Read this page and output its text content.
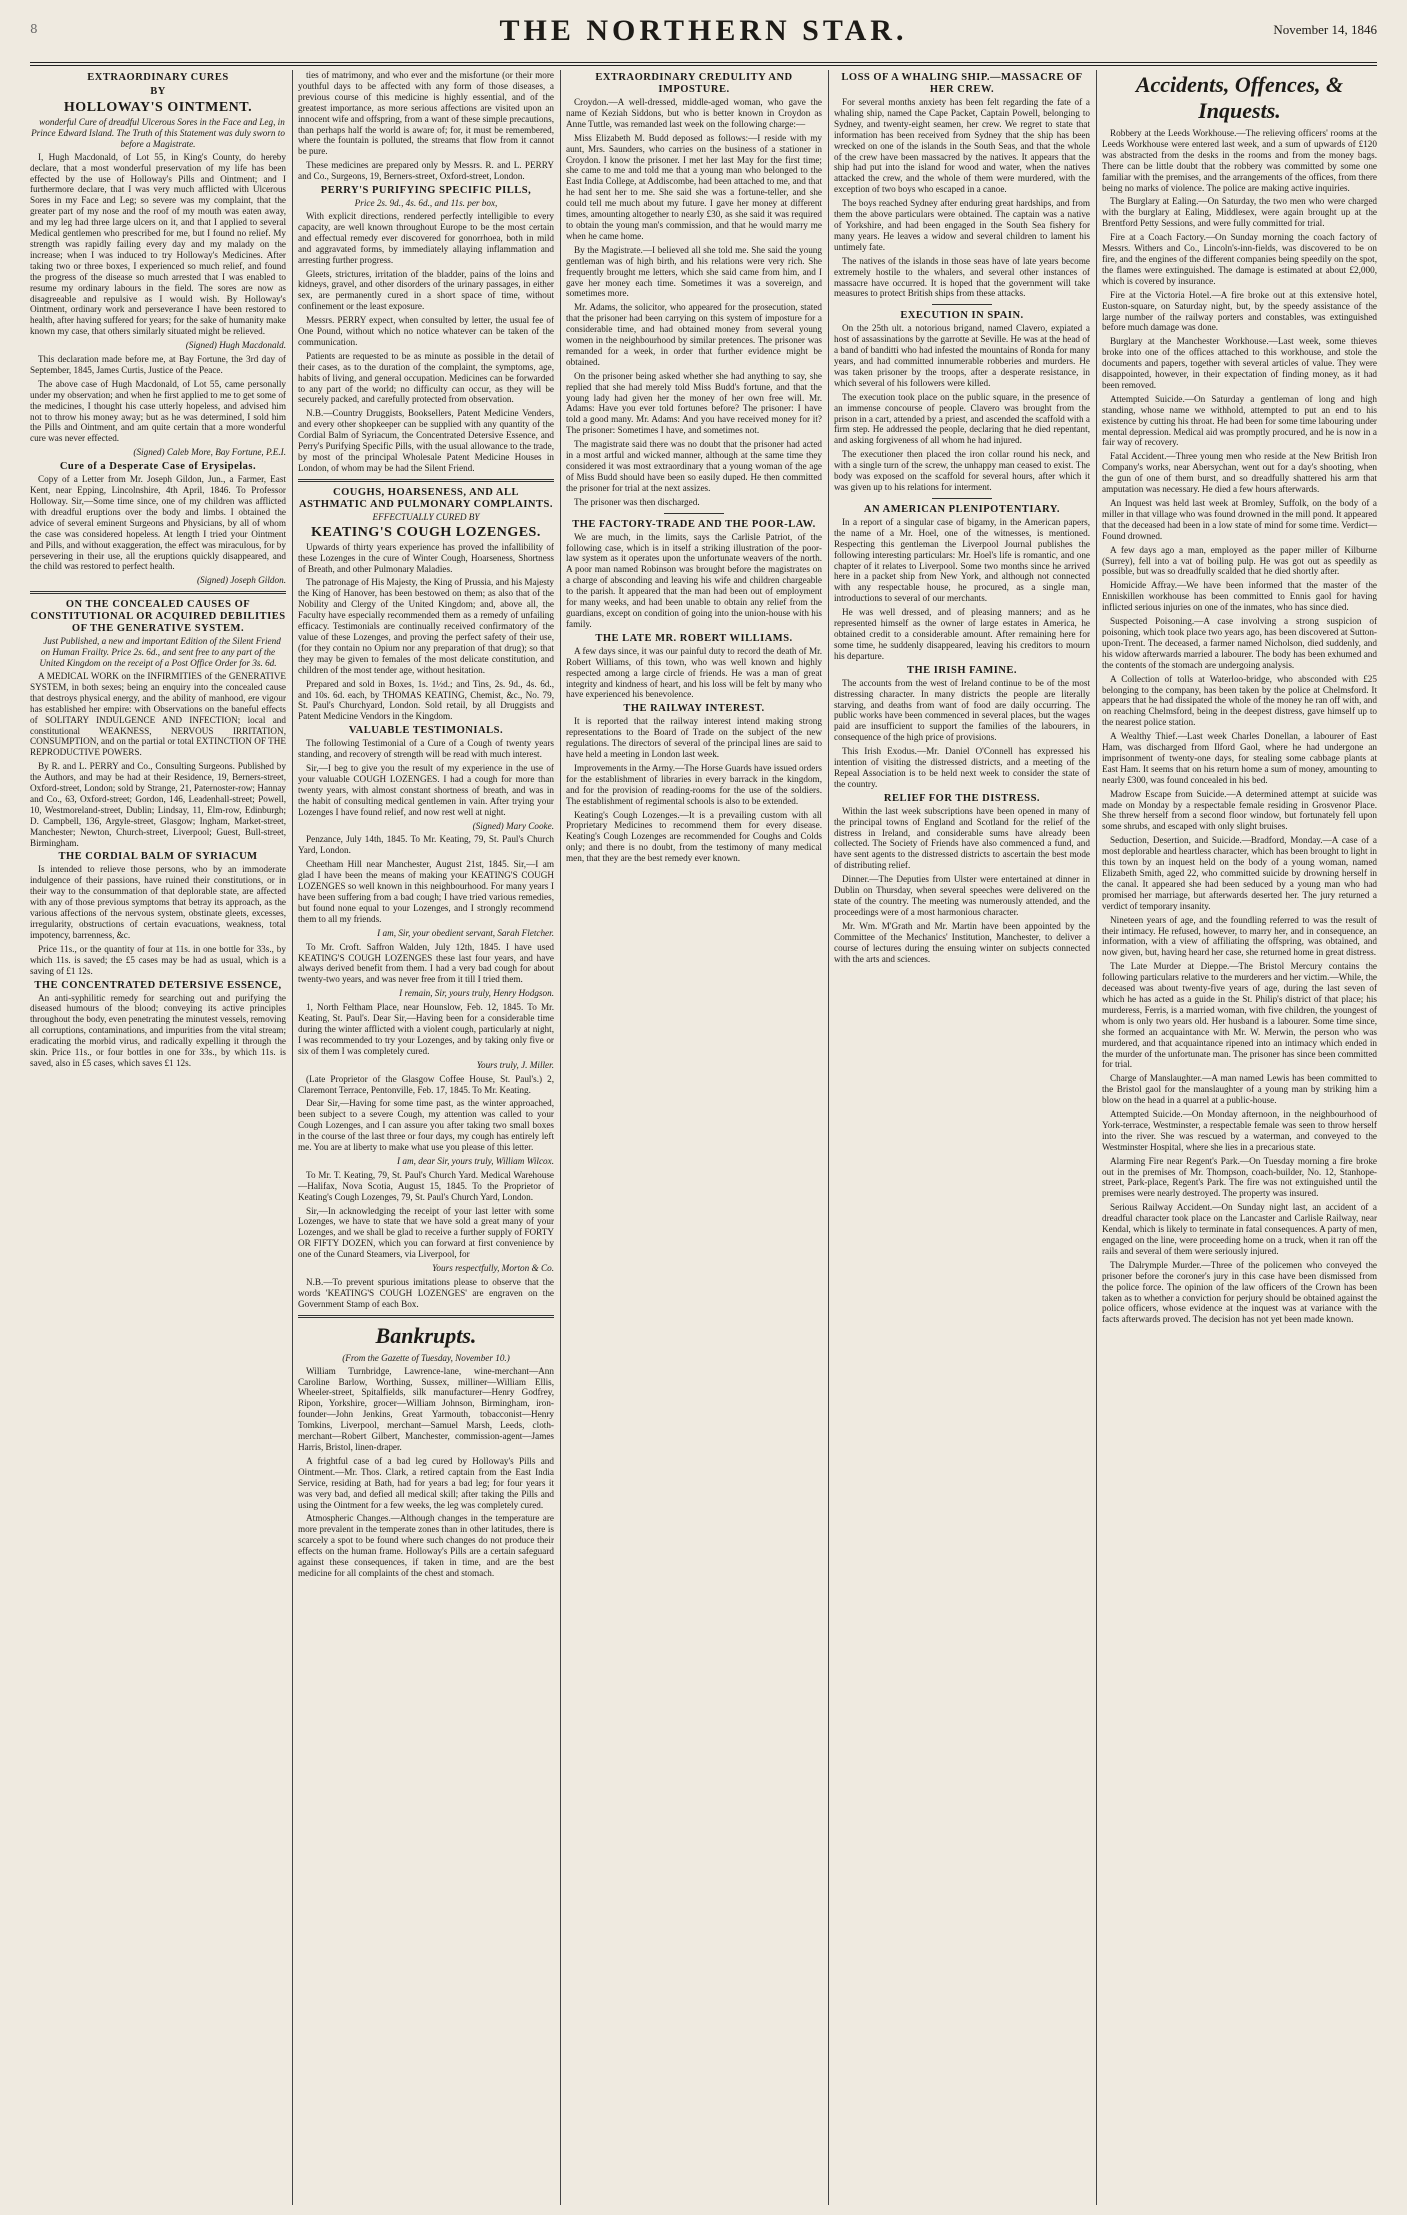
8	THE NORTHERN STAR.	November 14, 1846
EXTRAORDINARY CURES
BY
HOLLOWAY'S OINTMENT.

wonderful Cure of dreadful Ulcerous Sores in the Face and Leg, in Prince Edward Island. The Truth of this Statement was duly sworn to before a Magistrate.

I, Hugh Macdonald, of Lot 55, in King's County, do hereby declare, that a most wonderful preservation of my life has been effected by the use of Holloway's Pills and Ointment; and I furthermore declare, that I was very much afflicted with Ulcerous Sores in my Face and Leg; so severe was my complaint, that the greater part of my nose and the roof of my mouth was eaten away, and my leg had three large ulcers on it, and that I applied to several Medical gentlemen who prescribed for me, but I found no relief. My strength was rapidly failing every day and my malady on the increase; when I was induced to try Holloway's Medicines. After taking two or three boxes, I experienced so much relief, and found the progress of the disease so much arrested that I was enabled to resume my ordinary labours in the field. The sores are now as disagreeable and repulsive as I would wish. By Holloway's Ointment, ordinary work and perseverance I have been restored to health, after having suffered for years; for the sake of humanity make known my case, that others similarly situated might be relieved.

(Signed) Hugh Macdonald.

This declaration made before me, at Bay Fortune, the 3rd day of September, 1845, James Curtis, Justice of the Peace.

The above case of Hugh Macdonald, of Lot 55, came personally under my observation; and when he first applied to me to get some of the medicines, I thought his case utterly hopeless, and advised him not to throw his money away; but as he was determined, I sold him the Pills and Ointment, and am quite certain that a more wonderful cure was never effected.

(Signed) Caleb More, Bay Fortune, P.E.I.
Cure of a Desperate Case of Erysipelas.

Copy of a Letter from Mr. Joseph Gildon, Jun., a Farmer, East Kent, near Epping, Lincolnshire, 4th April, 1846. To Professor Holloway. Sir,—Some time since, one of my children was afflicted with dreadful eruptions over the body and limbs. I obtained the advice of several eminent Surgeons and Physicians, by all of whom the case was considered hopeless. At length I tried your Ointment and Pills, and without exaggeration, the effect was miraculous, for by persevering in their use, all the eruptions quickly disappeared, and the child was restored to perfect health.

(Signed) Joseph Gildon.
ON THE CONCEALED CAUSES OF CONSTITUTIONAL OR ACQUIRED DEBILITIES OF THE GENERATIVE SYSTEM.

Just Published, a new and important Edition of the Silent Friend on Human Frailty. Price 2s. 6d., and sent free to any part of the United Kingdom on the receipt of a Post Office Order for 3s. 6d.

A MEDICAL WORK on the INFIRMITIES of the GENERATIVE SYSTEM, in both sexes; being an enquiry into the concealed cause that destroys physical energy, and the ability of manhood, ere vigour has established her empire: with Observations on the baneful effects of SOLITARY INDULGENCE AND INFECTION; local and constitutional WEAKNESS, NERVOUS IRRITATION, CONSUMPTION, and on the partial or total EXTINCTION OF THE REPRODUCTIVE POWERS.

By R. and L. PERRY and Co., Consulting Surgeons. Published by the Authors, and may be had at their Residence, 19, Berners-street, Oxford-street, London; sold by Strange, 21, Paternoster-row; Hannay and Co., 63, Oxford-street; Gordon, 146, Leadenhall-street; Powell, 10, Westmoreland-street, Dublin; Lindsay, 11, Elm-row, Edinburgh; D. Campbell, 136, Argyle-street, Glasgow; Ingham, Market-street, Manchester; Newton, Church-street, Liverpool; Guest, Bull-street, Birmingham.

THE CORDIAL BALM OF SYRIACUM

Is intended to relieve those persons, who by an immoderate indulgence of their passions, have ruined their constitutions, or in their way to the consummation of that deplorable state, are affected with any of those previous symptoms that betray its approach, as the various affections of the nervous system, obstinate gleets, excesses, irregularity, obstructions of certain evacuations, weakness, total impotency, barrenness, &c.

Price 11s., or the quantity of four at 11s. in one bottle for 33s., by which 11s. is saved; the £5 cases may be had as usual, which is a saving of £1 12s.

THE CONCENTRATED DETERSIVE ESSENCE,

An anti-syphilitic remedy for searching out and purifying the diseased humours of the blood; conveying its active principles throughout the body, even penetrating the minutest vessels, removing all corruptions, contaminations, and impurities from the vital stream; eradicating the morbid virus, and radically expelling it through the skin. Price 11s., or four bottles in one for 33s., by which 11s. is saved, also in £5 cases, which saves £1 12s.

ties of matrimony, and who ever and the misfortune (or their more youthful days to be affected with any form of those diseases, a previous course of this medicine is highly essential, and of the greatest importance, as more serious affections are visited upon an innocent wife and offspring, from a want of these simple precautions, than perhaps half the world is aware of; for, it must be remembered, where the fountain is polluted, the streams that flow from it cannot be pure.

These medicines are prepared only by Messrs. R. and L. PERRY and Co., Surgeons, 19, Berners-street, Oxford-street, London.

PERRY'S PURIFYING SPECIFIC PILLS,
Price 2s. 9d., 4s. 6d., and 11s. per box,

With explicit directions, rendered perfectly intelligible to every capacity, are well known throughout Europe to be the most certain and effectual remedy ever discovered for gonorrhoea, both in mild and aggravated forms, by immediately allaying inflammation and arresting further progress.

Gleets, strictures, irritation of the bladder, pains of the loins and kidneys, gravel, and other disorders of the urinary passages, in either sex, are permanently cured in a short space of time, without confinement or the least exposure.

Messrs. PERRY expect, when consulted by letter, the usual fee of One Pound, without which no notice whatever can be taken of the communication.

Patients are requested to be as minute as possible in the detail of their cases, as to the duration of the complaint, the symptoms, age, habits of living, and general occupation. Medicines can be forwarded to any part of the world; no difficulty can occur, as they will be securely packed, and carefully protected from observation.

N.B.—Country Druggists, Booksellers, Patent Medicine Venders, and every other shopkeeper can be supplied with any quantity of the Cordial Balm of Syriacum, the Concentrated Detersive Essence, and Perry's Purifying Specific Pills, with the usual allowance to the trade, by most of the principal Wholesale Patent Medicine Houses in London, of whom may be had the Silent Friend.

COUGHS, HOARSENESS, AND ALL ASTHMATIC AND PULMONARY COMPLAINTS.
EFFECTUALLY CURED BY
KEATING'S COUGH LOZENGES.

Upwards of thirty years experience has proved the infallibility of these Lozenges in the cure of Winter Cough, Hoarseness, Shortness of Breath, and other Pulmonary Maladies.

The patronage of His Majesty, the King of Prussia, and his Majesty the King of Hanover, has been bestowed on them; as also that of the Nobility and Clergy of the United Kingdom; and, above all, the Faculty have especially recommended them as a remedy of unfailing efficacy. Testimonials are continually received confirmatory of the value of these Lozenges, and proving the perfect safety of their use, (for they contain no Opium nor any preparation of that drug); so that they may be given to females of the most delicate constitution, and children of the most tender age, without hesitation.

Prepared and sold in Boxes, 1s. 1½d.; and Tins, 2s. 9d., 4s. 6d., and 10s. 6d. each, by THOMAS KEATING, Chemist, &c., No. 79, St. Paul's Churchyard, London. Sold retail, by all Druggists and Patent Medicine Vendors in the Kingdom.

VALUABLE TESTIMONIALS.

The following Testimonial of a Cure of a Cough of twenty years standing, and recovery of strength will be read with much interest.

Sir,—I beg to give you the result of my experience in the use of your valuable COUGH LOZENGES. I had a cough for more than twenty years, with almost constant shortness of breath, and was in the habit of consulting medical gentlemen in vain. After trying your Lozenges I have found relief, and now rest well at night.

(Signed) Mary Cooke.

Penzance, July 14th, 1845. To Mr. Keating, 79, St. Paul's Church Yard, London.

Cheetham Hill near Manchester, August 21st, 1845. Sir,—I am glad I have been the means of making your KEATING'S COUGH LOZENGES so well known in this neighbourhood. For many years I have been suffering from a bad cough; I have tried various remedies, but found none equal to your Lozenges, and I strongly recommend them to all my friends.

I am, Sir, your obedient servant, Sarah Fletcher.

To Mr. Croft. Saffron Walden, July 12th, 1845. I have used KEATING'S COUGH LOZENGES these last four years, and have always derived benefit from them. I had a very bad cough for about twenty-two years, and was never free from it till I tried them.

I remain, Sir, yours truly, Henry Hodgson.

1, North Feltham Place, near Hounslow, Feb. 12, 1845. To Mr. Keating, St. Paul's. Dear Sir,—Having been for a considerable time during the winter afflicted with a violent cough, particularly at night, I was recommended to try your Lozenges, and by taking only five or six of them I was completely cured.

Yours truly, J. Miller.

(Late Proprietor of the Glasgow Coffee House, St. Paul's.) 2, Claremont Terrace, Pentonville, Feb. 17, 1845. To Mr. Keating.

Dear Sir,—Having for some time past, as the winter approached, been subject to a severe Cough, my attention was called to your Cough Lozenges, and I can assure you after taking two small boxes in the course of the last three or four days, my cough has entirely left me. You are at liberty to make what use you please of this letter.

I am, dear Sir, yours truly, William Wilcox.

To Mr. T. Keating, 79, St. Paul's Church Yard. Medical Warehouse—Halifax, Nova Scotia, August 15, 1845. To the Proprietor of Keating's Cough Lozenges, 79, St. Paul's Church Yard, London.

Sir,—In acknowledging the receipt of your last letter with some Lozenges, we have to state that we have sold a great many of your Lozenges, and we shall be glad to receive a further supply of FORTY OR FIFTY DOZEN, which you can forward at first convenience by one of the Cunard Steamers, via Liverpool, for

Yours respectfully, Morton & Co.

N.B.—To prevent spurious imitations please to observe that the words 'KEATING'S COUGH LOZENGES' are engraven on the Government Stamp of each Box.

Bankrupts.
(From the Gazette of Tuesday, November 10.)

William Turnbridge, Lawrence-lane, wine-merchant—Ann Caroline Barlow, Worthing, Sussex, milliner—William Ellis, Wheeler-street, Spitalfields, silk manufacturer—Henry Godfrey, Ripon, Yorkshire, grocer—William Johnson, Birmingham, iron-founder—John Jenkins, Great Yarmouth, tobacconist—Henry Tomkins, Liverpool, merchant—Samuel Marsh, Leeds, cloth-merchant—Robert Gilbert, Manchester, commission-agent—James Harris, Bristol, linen-draper.

A frightful case of a bad leg cured by Holloway's Pills and Ointment.—Mr. Thos. Clark, a retired captain from the East India Service, residing at Bath, had for years a bad leg; for four years it was very bad, and defied all medical skill; after taking the Pills and using the Ointment for a few weeks, the leg was completely cured.

Atmospheric Changes.—Although changes in the temperature are more prevalent in the temperate zones than in other latitudes, there is scarcely a spot to be found where such changes do not produce their effects on the human frame. Holloway's Pills are a certain safeguard against these consequences, if taken in time, and are the best medicine for all complaints of the chest and stomach.

EXTRAORDINARY CREDULITY AND IMPOSTURE.

Croydon.—A well-dressed, middle-aged woman, who gave the name of Keziah Siddons, but who is better known in Croydon as Anne Tuttle, was remanded last week on the following charge:—

Miss Elizabeth M. Budd deposed as follows:—I reside with my aunt, Mrs. Saunders, who carries on the business of a stationer in Croydon. I know the prisoner. I met her last May for the first time; she came to me and told me that a young man who belonged to the East India College, at Addiscombe, had been attached to me, and that he had sent her to me. She said she was a fortune-teller, and she could tell me much about my future. I gave her money at different times, amounting altogether to nearly £30, as she said it was required to obtain the young man's commission, and that he would marry me when he came home.

By the Magistrate.—I believed all she told me. She said the young gentleman was of high birth, and his relations were very rich. She frequently brought me letters, which she said came from him, and I gave her money each time. Sometimes it was a sovereign, and sometimes more.

Mr. Adams, the solicitor, who appeared for the prosecution, stated that the prisoner had been carrying on this system of imposture for a considerable time, and had obtained money from several young women in the neighbourhood by similar pretences. The prisoner was remanded for a week, in order that further evidence might be obtained.

On the prisoner being asked whether she had anything to say, she replied that she had merely told Miss Budd's fortune, and that the young lady had given her the money of her own free will. Mr. Adams: Have you ever told fortunes before? The prisoner: I have told a good many. Mr. Adams: And you have received money for it? The prisoner: Sometimes I have, and sometimes not.

The magistrate said there was no doubt that the prisoner had acted in a most artful and wicked manner, although at the same time they considered it was most extraordinary that a young woman of the age of Miss Budd should have been so easily duped. He then committed the prisoner for trial at the next assizes.

The prisoner was then discharged.

THE FACTORY-TRADE AND THE POOR-LAW.

We are much, in the limits, says the Carlisle Patriot, of the following case, which is in itself a striking illustration of the poor-law system as it operates upon the unfortunate weavers of the north. A poor man named Robinson was brought before the magistrates on a charge of absconding and leaving his wife and children chargeable to the parish. It appeared that the man had been out of employment for many weeks, and had been unable to obtain any relief from the guardians, except on condition of going into the union-house with his family.

THE LATE MR. ROBERT WILLIAMS.

A few days since, it was our painful duty to record the death of Mr. Robert Williams, of this town, who was well known and highly respected among a large circle of friends. He was a man of great integrity and kindness of heart, and his loss will be felt by many who have experienced his benevolence.

THE RAILWAY INTEREST.

It is reported that the railway interest intend making strong representations to the Board of Trade on the subject of the new regulations. The directors of several of the principal lines are said to have held a meeting in London last week.

Improvements in the Army.—The Horse Guards have issued orders for the establishment of libraries in every barrack in the kingdom, and for the provision of reading-rooms for the use of the soldiers. The establishment of regimental schools is also to be extended.

Keating's Cough Lozenges.—It is a prevailing custom with all Proprietary Medicines to recommend them for every disease. Keating's Cough Lozenges are recommended for Coughs and Colds only; and there is no doubt, from the testimony of many medical men, that they are the best remedy ever known.

LOSS OF A WHALING SHIP.—MASSACRE OF HER CREW.

For several months anxiety has been felt regarding the fate of a whaling ship, named the Cape Packet, Captain Powell, belonging to Sydney, and twenty-eight seamen, her crew. We regret to state that information has been received from Sydney that the ship has been wrecked on one of the islands in the South Seas, and that the whole of the crew have been massacred by the natives. It appears that the ship had put into the island for wood and water, when the natives attacked the crew, and the whole of them were murdered, with the exception of two boys who escaped in a canoe.

The boys reached Sydney after enduring great hardships, and from them the above particulars were obtained. The captain was a native of Yorkshire, and had been engaged in the South Sea fishery for many years. He leaves a widow and several children to lament his untimely fate.

The natives of the islands in those seas have of late years become extremely hostile to the whalers, and several other instances of massacre have occurred. It is hoped that the government will take measures to protect British ships from these attacks.

EXECUTION IN SPAIN.

On the 25th ult. a notorious brigand, named Clavero, expiated a host of assassinations by the garrotte at Seville. He was at the head of a band of banditti who had infested the mountains of Ronda for many years, and had committed innumerable robberies and murders. He was taken prisoner by the troops, after a desperate resistance, in which several of his followers were killed.

The execution took place on the public square, in the presence of an immense concourse of people. Clavero was brought from the prison in a cart, attended by a priest, and ascended the scaffold with a firm step. He addressed the people, declaring that he died repentant, and asking forgiveness of all whom he had injured.

The executioner then placed the iron collar round his neck, and with a single turn of the screw, the unhappy man ceased to exist. The body was exposed on the scaffold for several hours, after which it was given up to his relations for interment.

AN AMERICAN PLENIPOTENTIARY.

In a report of a singular case of bigamy, in the American papers, the name of a Mr. Hoel, one of the witnesses, is mentioned. Respecting this gentleman the Liverpool Journal publishes the following interesting particulars: Mr. Hoel's life is romantic, and one chapter of it relates to Liverpool. Some two months since he arrived here in a packet ship from New York, and although not connected with any respectable house, he procured, as a single man, introductions to several of our merchants.

He was well dressed, and of pleasing manners; and as he represented himself as the owner of large estates in America, he obtained credit to a considerable amount. After remaining here for some time, he suddenly disappeared, leaving his creditors to mourn his departure.

THE IRISH FAMINE.

The accounts from the west of Ireland continue to be of the most distressing character. In many districts the people are literally starving, and deaths from want of food are daily occurring. The public works have been commenced in several places, but the wages paid are insufficient to support the families of the labourers, in consequence of the high price of provisions.

This Irish Exodus.—Mr. Daniel O'Connell has expressed his intention of visiting the distressed districts, and a meeting of the Repeal Association is to be held next week to consider the state of the country.

RELIEF FOR THE DISTRESS.

Within the last week subscriptions have been opened in many of the principal towns of England and Scotland for the relief of the distress in Ireland, and considerable sums have already been collected. The Society of Friends have also commenced a fund, and have sent agents to the distressed districts to ascertain the best mode of distributing relief.

Dinner.—The Deputies from Ulster were entertained at dinner in Dublin on Thursday, when several speeches were delivered on the state of the country. The meeting was numerously attended, and the proceedings were of a most harmonious character.

Mr. Wm. M'Grath and Mr. Martin have been appointed by the Committee of the Mechanics' Institution, Manchester, to deliver a course of lectures during the ensuing winter on subjects connected with the arts and sciences.

Accidents, Offences, & Inquests.

Robbery at the Leeds Workhouse.—The relieving officers' rooms at the Leeds Workhouse were entered last week, and a sum of upwards of £120 was abstracted from the desks in the rooms and from the money bags. There can be little doubt that the robbery was committed by some one familiar with the premises, and the arrangements of the offices, from there being no marks of violence. The police are making active inquiries.

The Burglary at Ealing.—On Saturday, the two men who were charged with the burglary at Ealing, Middlesex, were again brought up at the Brentford Petty Sessions, and were fully committed for trial.

Fire at a Coach Factory.—On Sunday morning the coach factory of Messrs. Withers and Co., Lincoln's-inn-fields, was discovered to be on fire, and the engines of the different companies being speedily on the spot, the flames were extinguished. The damage is estimated at about £2,000, which is covered by insurance.

Fire at the Victoria Hotel.—A fire broke out at this extensive hotel, Euston-square, on Saturday night, but, by the speedy assistance of the large number of the railway porters and constables, was extinguished before much damage was done.

Burglary at the Manchester Workhouse.—Last week, some thieves broke into one of the offices attached to this workhouse, and stole the documents and papers, together with several articles of value. They were disappointed, however, in their expectation of finding money, as it had been removed.

Attempted Suicide.—On Saturday a gentleman of long and high standing, whose name we withhold, attempted to put an end to his existence by cutting his throat. He had been for some time labouring under mental depression. Medical aid was promptly procured, and he is now in a fair way of recovery.

Fatal Accident.—Three young men who reside at the New British Iron Company's works, near Abersychan, went out for a day's shooting, when the gun of one of them burst, and so dreadfully shattered his arm that amputation was necessary. He died a few hours afterwards.

An Inquest was held last week at Bromley, Suffolk, on the body of a miller in that village who was found drowned in the mill pond. It appeared that the deceased had been in a low state of mind for some time. Verdict—Found drowned.

A few days ago a man, employed as the paper miller of Kilburne (Surrey), fell into a vat of boiling pulp. He was got out as speedily as possible, but was so dreadfully scalded that he died shortly after.

Homicide Affray.—We have been informed that the master of the Enniskillen workhouse has been committed to Ennis gaol for having inflicted serious injuries on one of the inmates, who has since died.

Suspected Poisoning.—A case involving a strong suspicion of poisoning, which took place two years ago, has been discovered at Sutton-upon-Trent. The deceased, a farmer named Nicholson, died suddenly, and his widow afterwards married a labourer. The body has been exhumed and the contents of the stomach are undergoing analysis.

A Collection of tolls at Waterloo-bridge, who absconded with £25 belonging to the company, has been taken by the police at Chelmsford. It appears that he had dissipated the whole of the money he ran off with, and on reaching Chelmsford, being in the deepest distress, gave himself up to the nearest police station.

A Wealthy Thief.—Last week Charles Donellan, a labourer of East Ham, was discharged from Ilford Gaol, where he had undergone an imprisonment of twenty-one days, for stealing some cabbage plants at East Ham. It seems that on his return home a sum of money, amounting to nearly £300, was found concealed in his bed.

Madrow Escape from Suicide.—A determined attempt at suicide was made on Monday by a respectable female residing in Grosvenor Place. She threw herself from a second floor window, but fortunately fell upon some shrubs, and escaped with only slight bruises.

Seduction, Desertion, and Suicide.—Bradford, Monday.—A case of a most deplorable and heartless character, which has been brought to light in this town by an inquest held on the body of a young woman, named Elizabeth Smith, aged 22, who committed suicide by drowning herself in the canal. It appeared she had been seduced by a young man who had promised her marriage, but afterwards deserted her. The jury returned a verdict of temporary insanity.

Nineteen years of age, and the foundling referred to was the result of their intimacy. He refused, however, to marry her, and in consequence, an information, with a view of affiliating the offspring, was obtained, and now given, but, having heard her case, she returned home in great distress.

The Late Murder at Dieppe.—The Bristol Mercury contains the following particulars relative to the murderers and her victim.—While, the deceased was about twenty-five years of age, during the last seven of which he has acted as a guide in the St. Philip's district of that place; his murderess, Ferris, is a married woman, with five children, the youngest of whom is only two years old. Her husband is a labourer. Some time since, she formed an acquaintance with Mr. W. Merwin, the person who was murdered, and that acquaintance ripened into an intimacy which ended in the murder of the unfortunate man. The prisoner has since been committed for trial.

Charge of Manslaughter.—A man named Lewis has been committed to the Bristol gaol for the manslaughter of a young man by striking him a blow on the head in a quarrel at a public-house.

Attempted Suicide.—On Monday afternoon, in the neighbourhood of York-terrace, Westminster, a respectable female was seen to throw herself into the river. She was rescued by a waterman, and conveyed to the Westminster Hospital, where she lies in a precarious state.

Alarming Fire near Regent's Park.—On Tuesday morning a fire broke out in the premises of Mr. Thompson, coach-builder, No. 12, Stanhope-street, Park-place, Regent's Park. The fire was not extinguished until the premises were nearly destroyed. The property was insured.

Serious Railway Accident.—On Sunday night last, an accident of a dreadful character took place on the Lancaster and Carlisle Railway, near Kendal, which is likely to terminate in fatal consequences. A party of men, engaged on the line, were proceeding home on a truck, when it ran off the rails and several of them were seriously injured.

The Dalrymple Murder.—Three of the policemen who conveyed the prisoner before the coroner's jury in this case have been dismissed from the police force. The opinion of the law officers of the Crown has been taken as to whether a conviction for perjury should be obtained against the police officers, whose evidence at the inquest was at variance with the facts afterwards proved. The decision has not yet been made known.
